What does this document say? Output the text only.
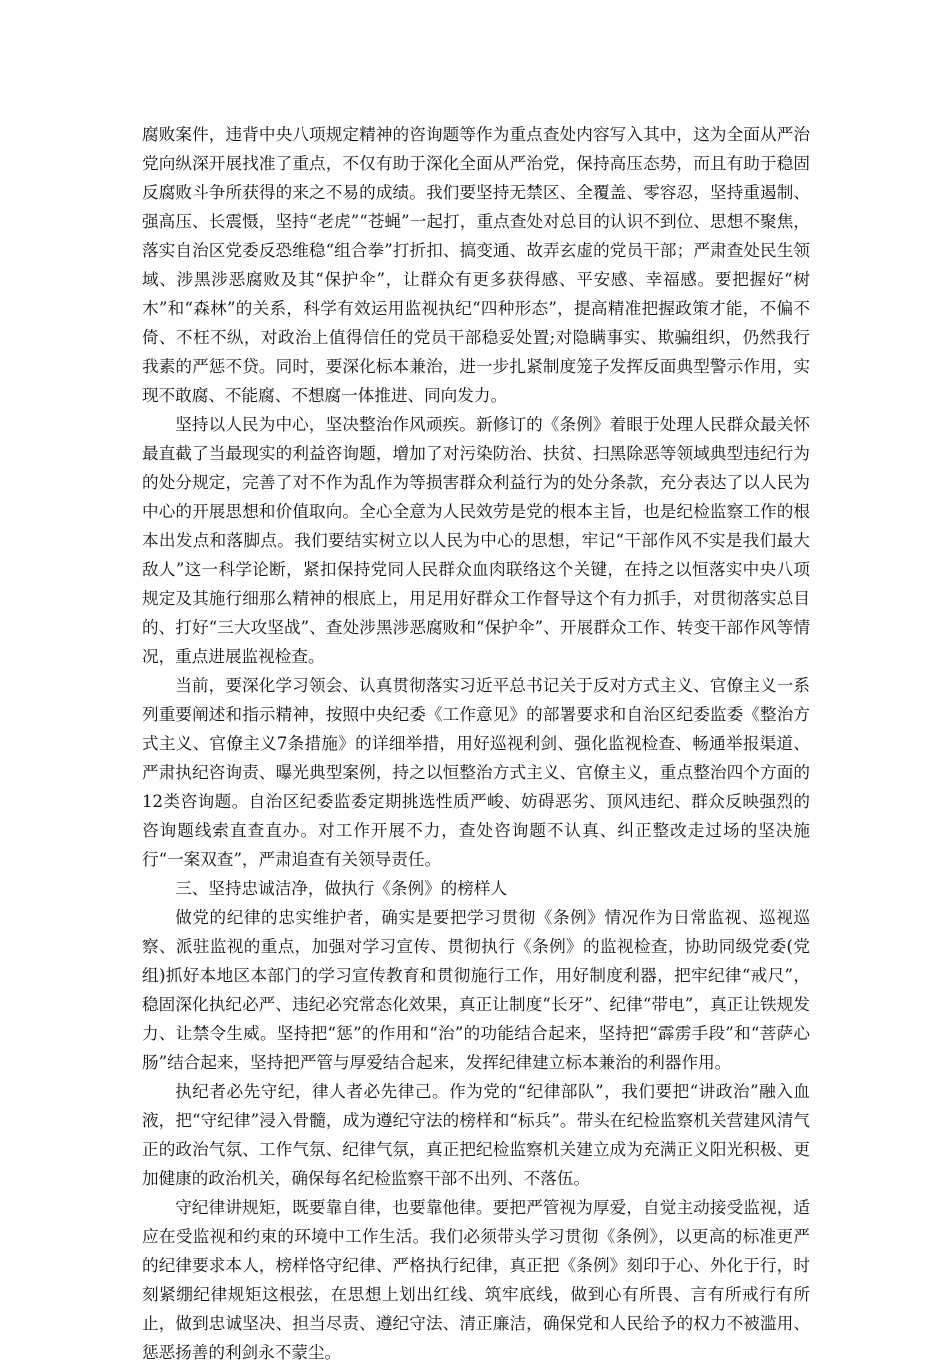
腐败案件，违背中央八项规定精神的咨询题等作为重点查处内容写入其中，这为全面从严治党向纵深开展找准了重点，不仅有助于深化全面从严治党，保持高压态势，而且有助于稳固反腐败斗争所获得的来之不易的成绩。我们要坚持无禁区、全覆盖、零容忍，坚持重遏制、强高压、长震慑，坚持“老虎”“苍蝇”一起打，重点查处对总目的认识不到位、思想不聚焦，落实自治区党委反恐维稳“组合拳”打折扣、搞变通、故弄玄虚的党员干部；严肃查处民生领域、涉黑涉恶腐败及其“保护伞”，让群众有更多获得感、平安感、幸福感。要把握好“树木”和“森林”的关系，科学有效运用监视执纪“四种形态”，提高精准把握政策才能，不偏不倚、不枉不纵，对政治上值得信任的党员干部稳妥处置;对隐瞒事实、欺骗组织，仍然我行我素的严惩不贷。同时，要深化标本兼治，进一步扎紧制度笼子发挥反面典型警示作用，实现不敢腐、不能腐、不想腐一体推进、同向发力。

坚持以人民为中心，坚决整治作风顽疾。新修订的《条例》着眼于处理人民群众最关怀最直截了当最现实的利益咨询题，增加了对污染防治、扶贫、扫黑除恶等领域典型违纪行为的处分规定，完善了对不作为乱作为等损害群众利益行为的处分条款，充分表达了以人民为中心的开展思想和价值取向。全心全意为人民效劳是党的根本主旨，也是纪检监察工作的根本出发点和落脚点。我们要结实树立以人民为中心的思想，牢记“干部作风不实是我们最大敌人”这一科学论断，紧扣保持党同人民群众血肉联络这个关键，在持之以恒落实中央八项规定及其施行细那么精神的根底上，用足用好群众工作督导这个有力抓手，对贯彻落实总目的、打好“三大攻坚战”、查处涉黑涉恶腐败和“保护伞”、开展群众工作、转变干部作风等情况，重点进展监视检查。

当前，要深化学习领会、认真贯彻落实习近平总书记关于反对方式主义、官僚主义一系列重要阐述和指示精神，按照中央纪委《工作意见》的部署要求和自治区纪委监委《整治方式主义、官僚主义7条措施》的详细举措，用好巡视利剑、强化监视检查、畅通举报渠道、严肃执纪咨询责、曝光典型案例，持之以恒整治方式主义、官僚主义，重点整治四个方面的12类咨询题。自治区纪委监委定期挑选性质严峻、妨碍恶劣、顶风违纪、群众反映强烈的咨询题线索直查直办。对工作开展不力，查处咨询题不认真、纠正整改走过场的坚决施行“一案双查”，严肃追查有关领导责任。

三、坚持忠诚洁净，做执行《条例》的榜样人

做党的纪律的忠实维护者，确实是要把学习贯彻《条例》情况作为日常监视、巡视巡察、派驻监视的重点，加强对学习宣传、贯彻执行《条例》的监视检查，协助同级党委(党组)抓好本地区本部门的学习宣传教育和贯彻施行工作，用好制度利器，把牢纪律“戒尺”，稳固深化执纪必严、违纪必究常态化效果，真正让制度“长牙”、纪律“带电”，真正让铁规发力、让禁令生威。坚持把“惩”的作用和“治”的功能结合起来，坚持把“霹雳手段”和“菩萨心肠”结合起来，坚持把严管与厚爱结合起来，发挥纪律建立标本兼治的利器作用。

执纪者必先守纪，律人者必先律己。作为党的“纪律部队”，我们要把“讲政治”融入血液，把“守纪律”浸入骨髓，成为遵纪守法的榜样和“标兵”。带头在纪检监察机关营建风清气正的政治气氛、工作气氛、纪律气氛，真正把纪检监察机关建立成为充满正义阳光积极、更加健康的政治机关，确保每名纪检监察干部不出列、不落伍。

守纪律讲规矩，既要靠自律，也要靠他律。要把严管视为厚爱，自觉主动接受监视，适应在受监视和约束的环境中工作生活。我们必须带头学习贯彻《条例》，以更高的标准更严的纪律要求本人，榜样恪守纪律、严格执行纪律，真正把《条例》刻印于心、外化于行，时刻紧绷纪律规矩这根弦，在思想上划出红线、筑牢底线，做到心有所畏、言有所戒行有所止，做到忠诚坚决、担当尽责、遵纪守法、清正廉洁，确保党和人民给予的权力不被滥用、惩恶扬善的利剑永不蒙尘。
